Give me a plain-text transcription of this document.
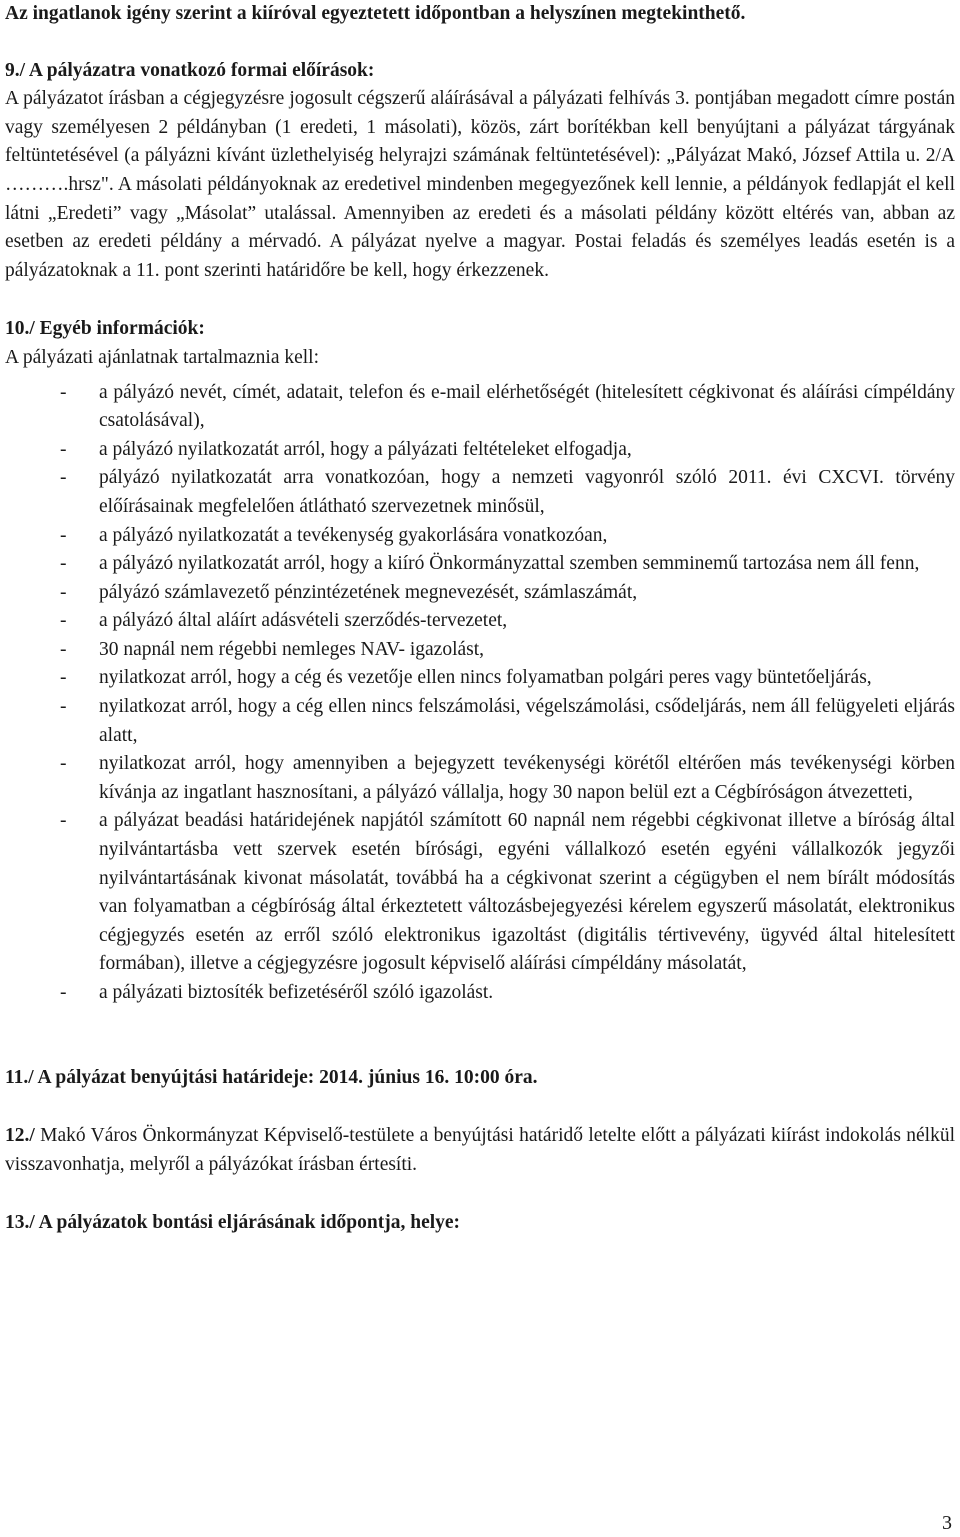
Az ingatlanok igény szerint a kiíróval egyeztetett időpontban a helyszínen megtekinthető.

9./ A pályázatra vonatkozó formai előírások:

A pályázatot írásban a cégjegyzésre jogosult cégszerű aláírásával a pályázati felhívás 3. pontjában megadott címre postán vagy személyesen 2 példányban (1 eredeti, 1 másolati), közös, zárt borítékban kell benyújtani a pályázat tárgyának feltüntetésével (a pályázni kívánt üzlethelyiség helyrajzi számának feltüntetésével): „Pályázat Makó, József Attila u. 2/A ……….hrsz". A másolati példányoknak az eredetivel mindenben megegyezőnek kell lennie, a példányok fedlapját el kell látni „Eredeti” vagy „Másolat” utalással. Amennyiben az eredeti és a másolati példány között eltérés van, abban az esetben az eredeti példány a mérvadó. A pályázat nyelve a magyar. Postai feladás és személyes leadás esetén is a pályázatoknak a 11. pont szerinti határidőre be kell, hogy érkezzenek.

10./ Egyéb információk:

A pályázati ajánlatnak tartalmaznia kell:

- a pályázó nevét, címét, adatait, telefon és e-mail elérhetőségét (hitelesített cégkivonat és aláírási címpéldány csatolásával),
- a pályázó nyilatkozatát arról, hogy a pályázati feltételeket elfogadja,
- pályázó nyilatkozatát arra vonatkozóan, hogy a nemzeti vagyonról szóló 2011. évi CXCVI. törvény előírásainak megfelelően átlátható szervezetnek minősül,
- a pályázó nyilatkozatát a tevékenység gyakorlására vonatkozóan,
- a pályázó nyilatkozatát arról, hogy a kiíró Önkormányzattal szemben semminemű tartozása nem áll fenn,
- pályázó számlavezető pénzintézetének megnevezését, számlaszámát,
- a pályázó által aláírt adásvételi szerződés-tervezetet,
- 30 napnál nem régebbi nemleges NAV- igazolást,
- nyilatkozat arról, hogy a cég és vezetője ellen nincs folyamatban polgári peres vagy büntetőeljárás,
- nyilatkozat arról, hogy a cég ellen nincs felszámolási, végelszámolási, csődeljárás, nem áll felügyeleti eljárás alatt,
- nyilatkozat arról, hogy amennyiben a bejegyzett tevékenységi körétől eltérően más tevékenységi körben kívánja az ingatlant hasznosítani, a pályázó vállalja, hogy 30 napon belül ezt a Cégbíróságon átvezetteti,
- a pályázat beadási határidejének napjától számított 60 napnál nem régebbi cégkivonat illetve a bíróság által nyilvántartásba vett szervek esetén bírósági, egyéni vállalkozó esetén egyéni vállalkozók jegyzői nyilvántartásának kivonat másolatát, továbbá ha a cégkivonat szerint a cégügyben el nem bírált módosítás van folyamatban a cégbíróság által érkeztetett változásbejegyezési kérelem egyszerű másolatát, elektronikus cégjegyzés esetén az erről szóló elektronikus igazoltást (digitális tértivevény, ügyvéd által hitelesített formában), illetve a cégjegyzésre jogosult képviselő aláírási címpéldány másolatát,
- a pályázati biztosíték befizetéséről szóló igazolást.

11./ A pályázat benyújtási határideje: 2014. június 16. 10:00 óra.

12./ Makó Város Önkormányzat Képviselő-testülete a benyújtási határidő letelte előtt a pályázati kiírást indokolás nélkül visszavonhatja, melyről a pályázókat írásban értesíti.

13./ A pályázatok bontási eljárásának időpontja, helye:

3
